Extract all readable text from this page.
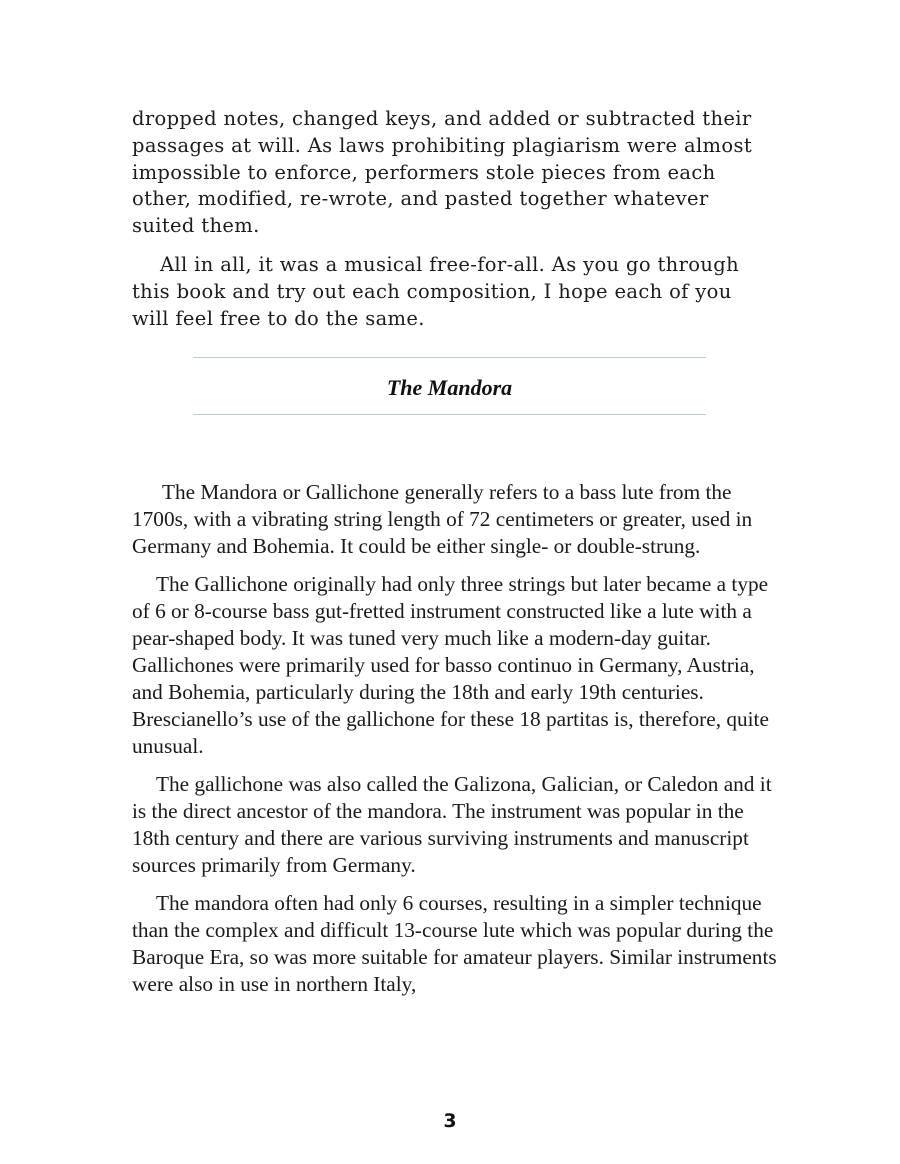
dropped notes, changed keys, and added or subtracted their passages at will. As laws prohibiting plagiarism were almost impossible to enforce, performers stole pieces from each other, modified, re-wrote, and pasted together whatever suited them.

All in all, it was a musical free-for-all. As you go through this book and try out each composition, I hope each of you will feel free to do the same.

The Mandora

The Mandora or Gallichone generally refers to a bass lute from the 1700s, with a vibrating string length of 72 centimeters or greater, used in Germany and Bohemia. It could be either single- or double-strung.

The Gallichone originally had only three strings but later became a type of 6 or 8-course bass gut-fretted instrument constructed like a lute with a pear-shaped body. It was tuned very much like a modern-day guitar. Gallichones were primarily used for basso continuo in Germany, Austria, and Bohemia, particularly during the 18th and early 19th centuries. Brescianello’s use of the gallichone for these 18 partitas is, therefore, quite unusual.

The gallichone was also called the Galizona, Galician, or Caledon and it is the direct ancestor of the mandora. The instrument was popular in the 18th century and there are various surviving instruments and manuscript sources primarily from Germany.

The mandora often had only 6 courses, resulting in a simpler technique than the complex and difficult 13-course lute which was popular during the Baroque Era, so was more suitable for amateur players. Similar instruments were also in use in northern Italy,

3
